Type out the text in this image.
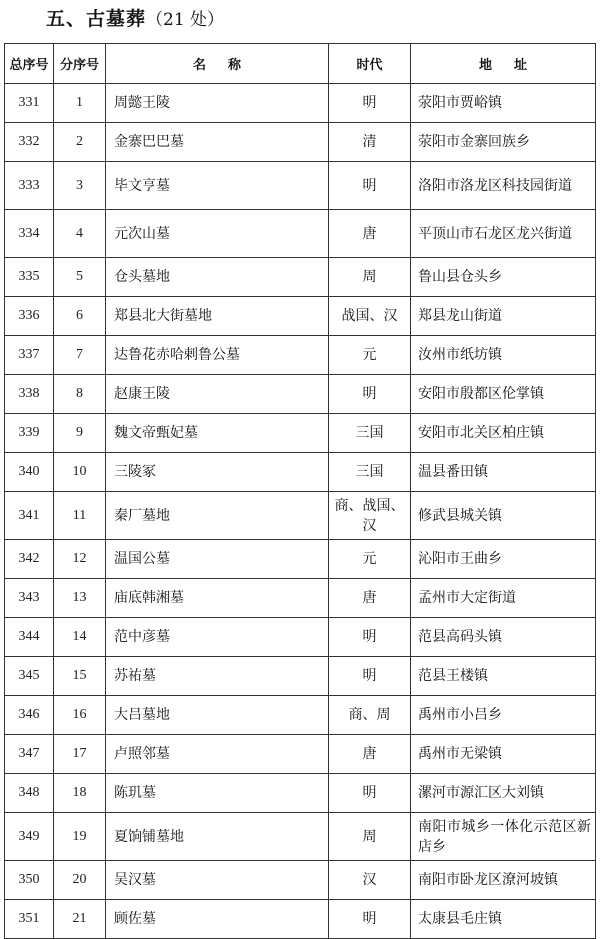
五、古墓葬（21 处）
总序号	分序号	名称	时代	地址
331	1	周懿王陵	明	荥阳市贾峪镇
332	2	金寨巴巴墓	清	荥阳市金寨回族乡
333	3	毕文亨墓	明	洛阳市洛龙区科技园街道
334	4	元次山墓	唐	平顶山市石龙区龙兴街道
335	5	仓头墓地	周	鲁山县仓头乡
336	6	郑县北大街墓地	战国、汉	郑县龙山街道
337	7	达鲁花赤哈剌鲁公墓	元	汝州市纸坊镇
338	8	赵康王陵	明	安阳市殷都区伦掌镇
339	9	魏文帝甄妃墓	三国	安阳市北关区柏庄镇
340	10	三陵冢	三国	温县番田镇
341	11	秦厂墓地	商、战国、汉	修武县城关镇
342	12	温国公墓	元	沁阳市王曲乡
343	13	庙底韩湘墓	唐	孟州市大定街道
344	14	范中彦墓	明	范县高码头镇
345	15	苏祐墓	明	范县王楼镇
346	16	大吕墓地	商、周	禹州市小吕乡
347	17	卢照邻墓	唐	禹州市无梁镇
348	18	陈玑墓	明	漯河市源汇区大刘镇
349	19	夏饷铺墓地	周	南阳市城乡一体化示范区新店乡
350	20	吴汉墓	汉	南阳市卧龙区潦河坡镇
351	21	顾佐墓	明	太康县毛庄镇
